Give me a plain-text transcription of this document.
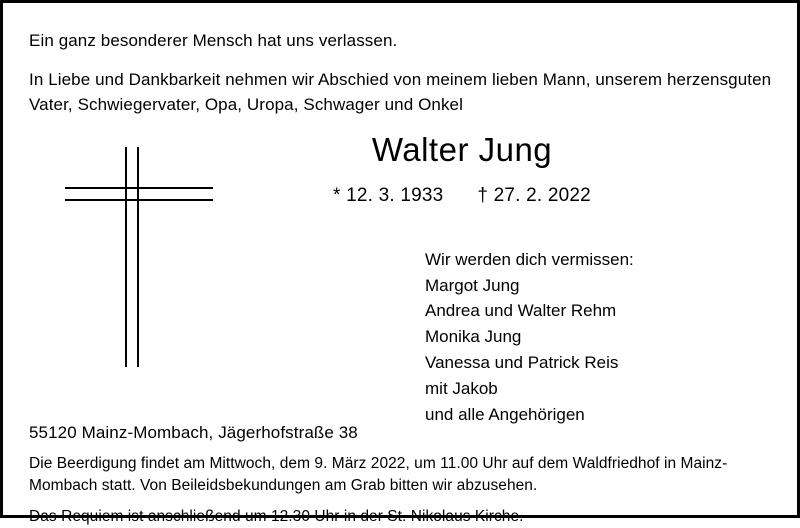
Ein ganz besonderer Mensch hat uns verlassen.

In Liebe und Dankbarkeit nehmen wir Abschied von meinem lieben Mann, unserem herzensguten Vater, Schwiegervater, Opa, Uropa, Schwager und Onkel

Walter Jung
* 12. 3. 1933 † 27. 2. 2022
Wir werden dich vermissen:
Margot Jung
Andrea und Walter Rehm
Monika Jung
Vanessa und Patrick Reis
mit Jakob
und alle Angehörigen

55120 Mainz-Mombach, Jägerhofstraße 38

Die Beerdigung findet am Mittwoch, dem 9. März 2022, um 11.00 Uhr auf dem Waldfriedhof in Mainz-Mombach statt. Von Beileidsbekundungen am Grab bitten wir abzusehen.

Das Requiem ist anschließend um 12.30 Uhr in der St. Nikolaus Kirche.
